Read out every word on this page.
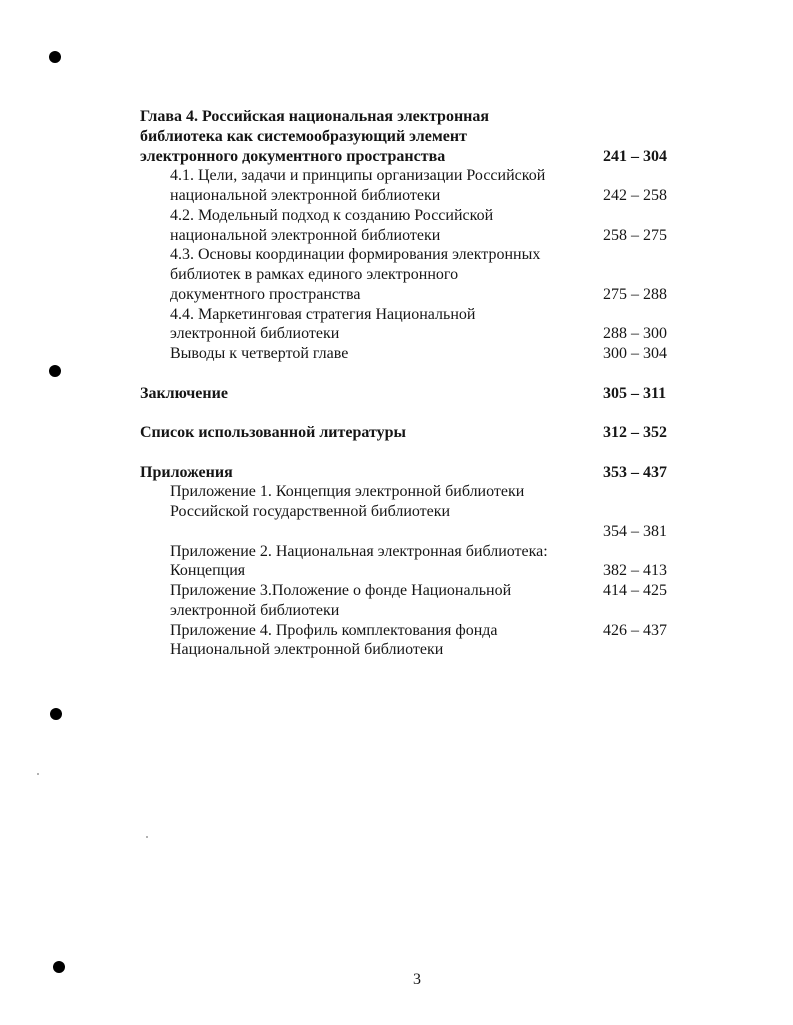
Глава 4. Российская национальная электронная
библиотека как системообразующий элемент
электронного документного пространства	241 – 304
4.1. Цели, задачи и принципы организации Российской
национальной электронной библиотеки	242 – 258
4.2. Модельный подход к созданию Российской
национальной электронной библиотеки	258 – 275
4.3. Основы координации формирования электронных
библиотек в рамках единого электронного
документного пространства	275 – 288
4.4. Маркетинговая стратегия Национальной
электронной библиотеки	288 – 300
Выводы к четвертой главе	300 – 304
Заключение	305 – 311
Список использованной литературы	312 – 352
Приложения	353 – 437
Приложение 1. Концепция электронной библиотеки
Российской государственной библиотеки
354 – 381
Приложение 2. Национальная электронная библиотека:
Концепция	382 – 413
Приложение 3.Положение о фонде Национальной	414 – 425
электронной библиотеки
Приложение 4. Профиль комплектования фонда	426 – 437
Национальной электронной библиотеки
3
